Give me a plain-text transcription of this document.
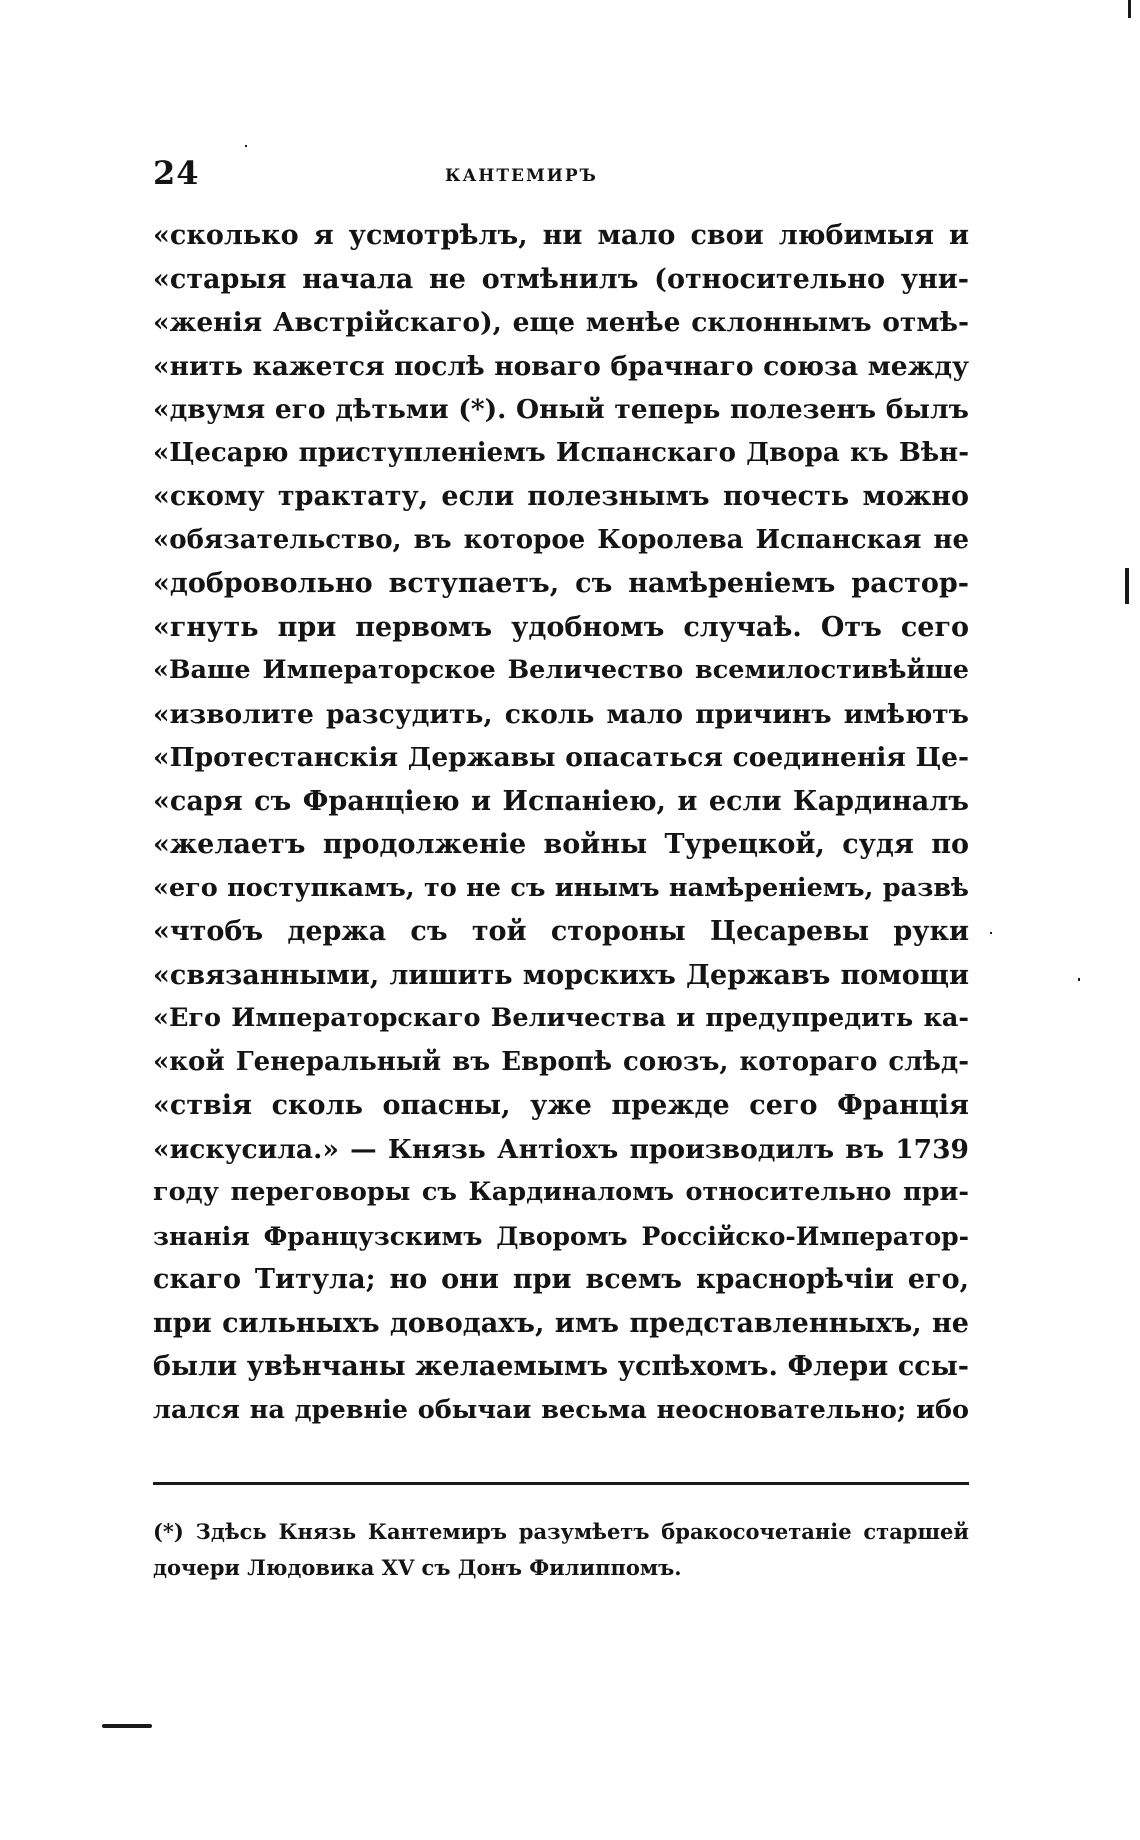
24	КАНТЕМИРЪ
«сколько я усмотрѣлъ, ни мало свои любимыя и
«старыя начала не отмѣнилъ (относительно уни-
«женія Австрійскаго), еще менѣе склоннымъ отмѣ-
«нить кажется послѣ новаго брачнаго союза между
«двумя его дѣтьми (*). Оный теперь полезенъ былъ
«Цесарю приступленіемъ Испанскаго Двора къ Вѣн-
«скому трактату, если полезнымъ почесть можно
«обязательство, въ которое Королева Испанская не
«добровольно вступаетъ, съ намѣреніемъ растор-
«гнуть при первомъ удобномъ случаѣ. Отъ сего
«Ваше Императорское Величество всемилостивѣйше
«изволите разсудить, сколь мало причинъ имѣютъ
«Протестанскія Державы опасаться соединенія Це-
«саря съ Франціею и Испаніею, и если Кардиналъ
«желаетъ продолженіе войны Турецкой, судя по
«его поступкамъ, то не съ инымъ намѣреніемъ, развѣ
«чтобъ держа съ той стороны Цесаревы руки
«связанными, лишить морскихъ Державъ помощи
«Его Императорскаго Величества и предупредить ка-
«кой Генеральный въ Европѣ союзъ, котораго слѣд-
«ствія сколь опасны, уже прежде сего Франція
«искусила.» — Князь Антіохъ производилъ въ 1739
году переговоры съ Кардиналомъ относительно при-
знанія Французскимъ Дворомъ Россійско-Император-
скаго Титула; но они при всемъ краснорѣчіи его,
при сильныхъ доводахъ, имъ представленныхъ, не
были увѣнчаны желаемымъ успѣхомъ. Флери ссы-
лался на древніе обычаи весьма неосновательно; ибо
(*) Здѣсь Князь Кантемиръ разумѣетъ бракосочетаніе старшей
дочери Людовика XV съ Донъ Филиппомъ.
